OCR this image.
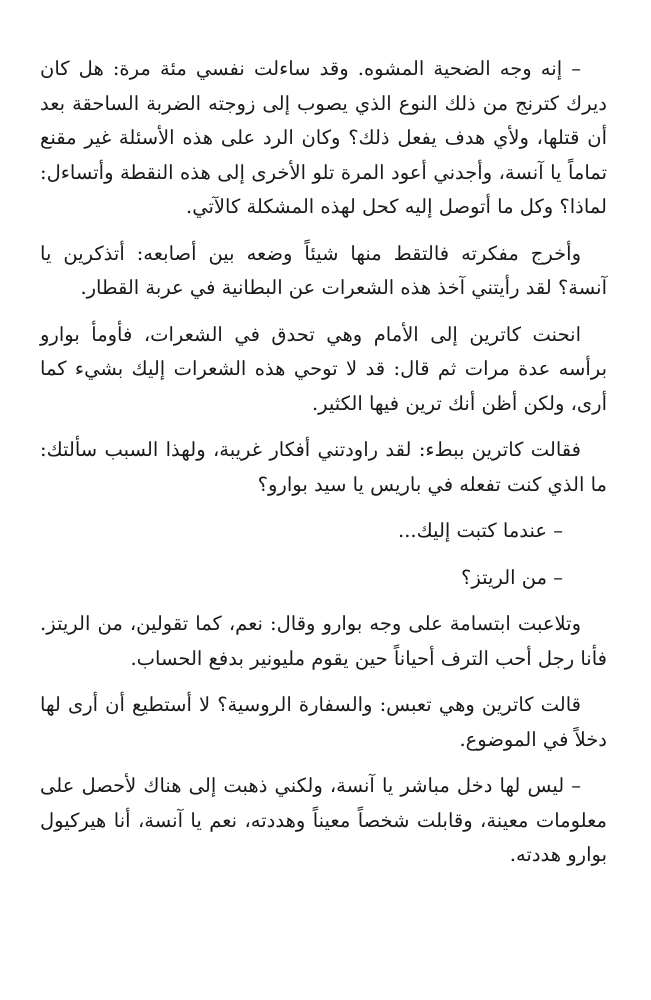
– إنه وجه الضحية المشوه. وقد ساءلت نفسي مئة مرة: هل كان ديرك كترنج من ذلك النوع الذي يصوب إلى زوجته الضربة الساحقة بعد أن قتلها، ولأي هدف يفعل ذلك؟ وكان الرد على هذه الأسئلة غير مقنع تماماً يا آنسة، وأجدني أعود المرة تلو الأخرى إلى هذه النقطة وأتساءل: لماذا؟ وكل ما أتوصل إليه كحل لهذه المشكلة كالآتي.

وأخرج مفكرته فالتقط منها شيئاً وضعه بين أصابعه: أتذكرين يا آنسة؟ لقد رأيتني آخذ هذه الشعرات عن البطانية في عربة القطار.

انحنت كاترين إلى الأمام وهي تحدق في الشعرات، فأومأ بوارو برأسه عدة مرات ثم قال: قد لا توحي هذه الشعرات إليك بشيء كما أرى، ولكن أظن أنك ترين فيها الكثير.

فقالت كاترين ببطء: لقد راودتني أفكار غريبة، ولهذا السبب سألتك: ما الذي كنت تفعله في باريس يا سيد بوارو؟

– عندما كتبت إليك...

– من الريتز؟

وتلاعبت ابتسامة على وجه بوارو وقال: نعم، كما تقولين، من الريتز. فأنا رجل أحب الترف أحياناً حين يقوم مليونير بدفع الحساب.

قالت كاترين وهي تعبس: والسفارة الروسية؟ لا أستطيع أن أرى لها دخلاً في الموضوع.

– ليس لها دخل مباشر يا آنسة، ولكني ذهبت إلى هناك لأحصل على معلومات معينة، وقابلت شخصاً معيناً وهددته، نعم يا آنسة، أنا هيركيول بوارو هددته.
